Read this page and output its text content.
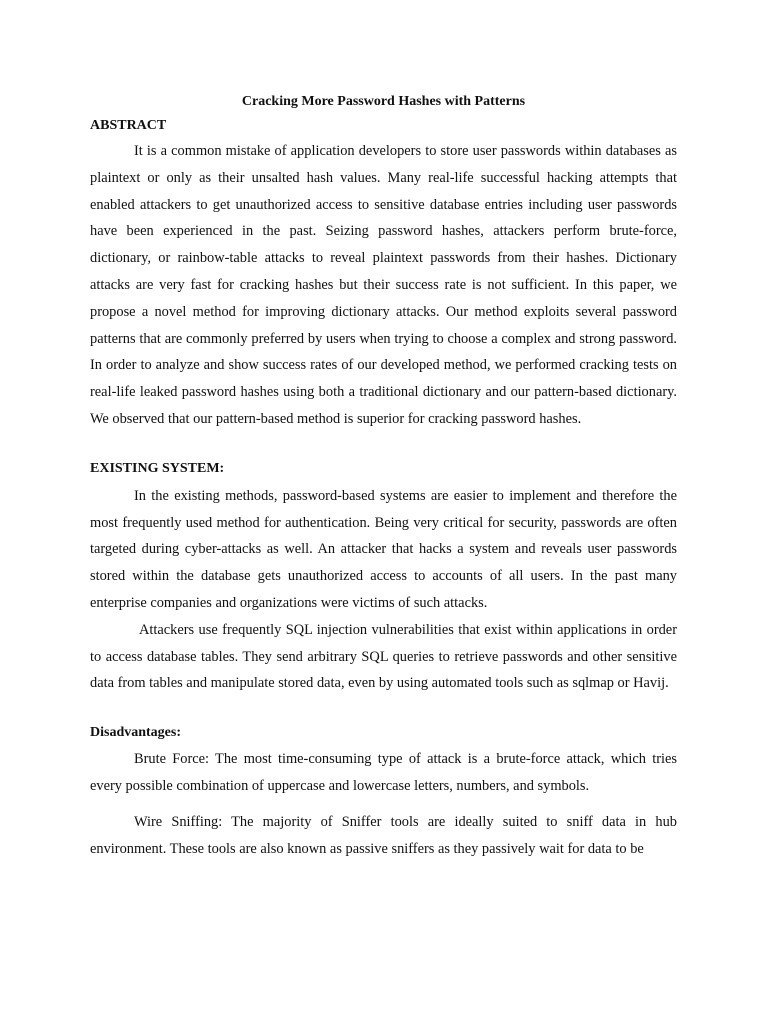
Cracking More Password Hashes with Patterns
ABSTRACT

It is a common mistake of application developers to store user passwords within databases as plaintext or only as their unsalted hash values. Many real-life successful hacking attempts that enabled attackers to get unauthorized access to sensitive database entries including user passwords have been experienced in the past. Seizing password hashes, attackers perform brute-force, dictionary, or rainbow-table attacks to reveal plaintext passwords from their hashes. Dictionary attacks are very fast for cracking hashes but their success rate is not sufficient. In this paper, we propose a novel method for improving dictionary attacks. Our method exploits several password patterns that are commonly preferred by users when trying to choose a complex and strong password. In order to analyze and show success rates of our developed method, we performed cracking tests on real-life leaked password hashes using both a traditional dictionary and our pattern-based dictionary. We observed that our pattern-based method is superior for cracking password hashes.

EXISTING SYSTEM:

In the existing methods, password-based systems are easier to implement and therefore the most frequently used method for authentication. Being very critical for security, passwords are often targeted during cyber-attacks as well. An attacker that hacks a system and reveals user passwords stored within the database gets unauthorized access to accounts of all users. In the past many enterprise companies and organizations were victims of such attacks.

Attackers use frequently SQL injection vulnerabilities that exist within applications in order to access database tables. They send arbitrary SQL queries to retrieve passwords and other sensitive data from tables and manipulate stored data, even by using automated tools such as sqlmap or Havij.

Disadvantages:

Brute Force: The most time-consuming type of attack is a brute-force attack, which tries every possible combination of uppercase and lowercase letters, numbers, and symbols.

Wire Sniffing: The majority of Sniffer tools are ideally suited to sniff data in hub environment. These tools are also known as passive sniffers as they passively wait for data to be
